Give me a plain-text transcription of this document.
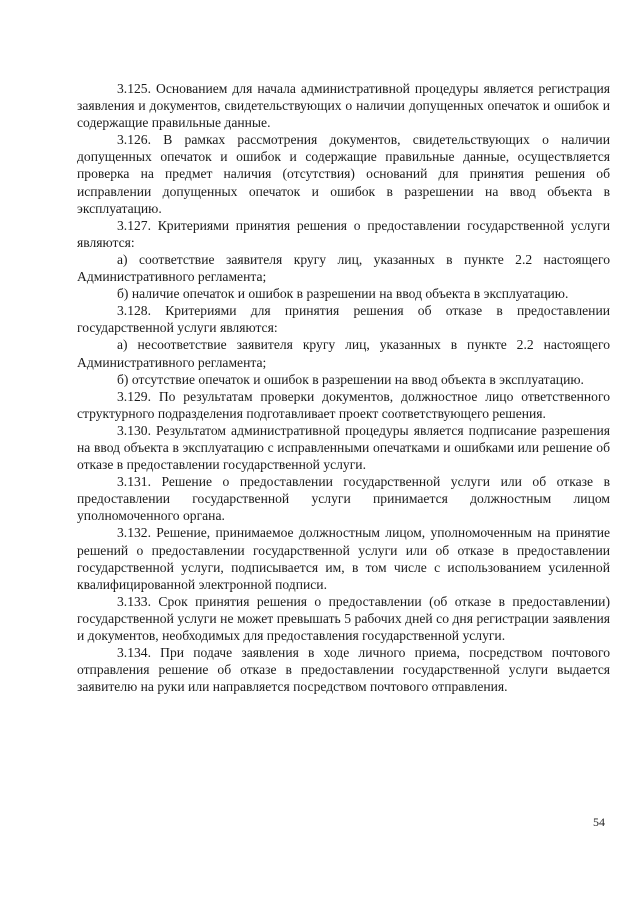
3.125. Основанием для начала административной процедуры является регистрация заявления и документов, свидетельствующих о наличии допущенных опечаток и ошибок и содержащие правильные данные.

3.126. В рамках рассмотрения документов, свидетельствующих о наличии допущенных опечаток и ошибок и содержащие правильные данные, осуществляется проверка на предмет наличия (отсутствия) оснований для принятия решения об исправлении допущенных опечаток и ошибок в разрешении на ввод объекта в эксплуатацию.

3.127. Критериями принятия решения о предоставлении государственной услуги являются:

а) соответствие заявителя кругу лиц, указанных в пункте 2.2 настоящего Административного регламента;

б) наличие опечаток и ошибок в разрешении на ввод объекта в эксплуатацию.

3.128. Критериями для принятия решения об отказе в предоставлении государственной услуги являются:

а) несоответствие заявителя кругу лиц, указанных в пункте 2.2 настоящего Административного регламента;

б) отсутствие опечаток и ошибок в разрешении на ввод объекта в эксплуатацию.

3.129. По результатам проверки документов, должностное лицо ответственного структурного подразделения подготавливает проект соответствующего решения.

3.130. Результатом административной процедуры является подписание разрешения на ввод объекта в эксплуатацию с исправленными опечатками и ошибками или решение об отказе в предоставлении государственной услуги.

3.131. Решение о предоставлении государственной услуги или об отказе в предоставлении государственной услуги принимается должностным лицом уполномоченного органа.

3.132. Решение, принимаемое должностным лицом, уполномоченным на принятие решений о предоставлении государственной услуги или об отказе в предоставлении государственной услуги, подписывается им, в том числе с использованием усиленной квалифицированной электронной подписи.

3.133. Срок принятия решения о предоставлении (об отказе в предоставлении) государственной услуги не может превышать 5 рабочих дней со дня регистрации заявления и документов, необходимых для предоставления государственной услуги.

3.134. При подаче заявления в ходе личного приема, посредством почтового отправления решение об отказе в предоставлении государственной услуги выдается заявителю на руки или направляется посредством почтового отправления.

54
